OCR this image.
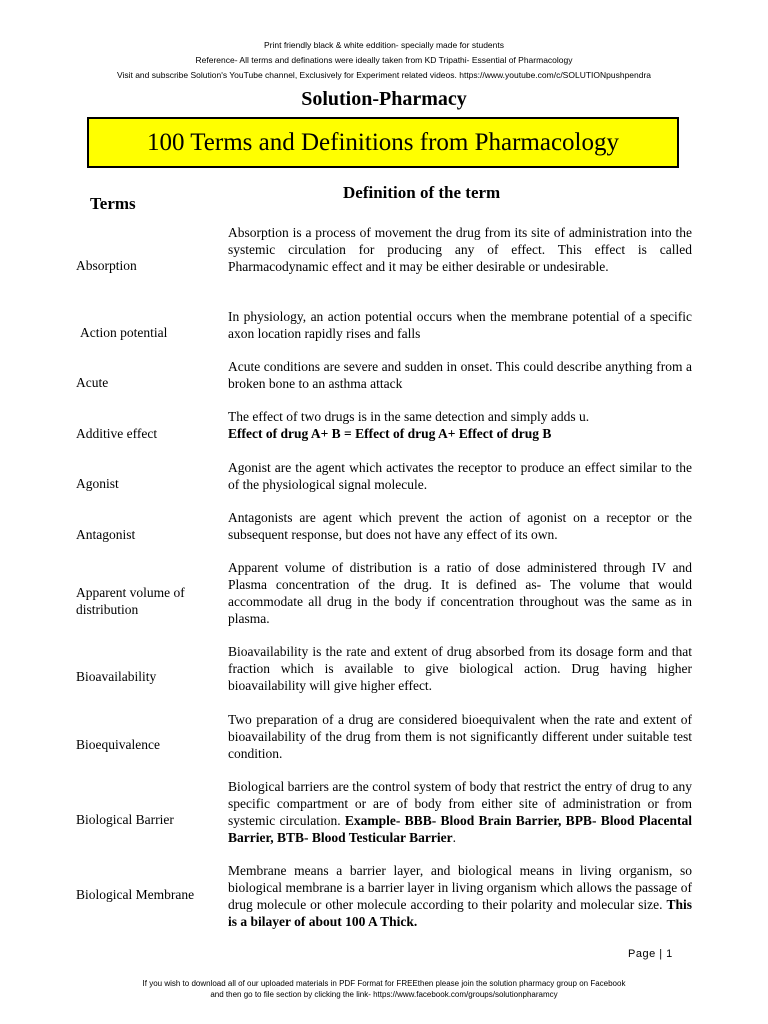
Print friendly black & white eddition- specially made for students
Reference- All terms and definations were ideally taken from KD Tripathi- Essential of Pharmacology
Visit and subscribe Solution's YouTube channel, Exclusively for Experiment related videos. https://www.youtube.com/c/SOLUTIONpushpendra
Solution-Pharmacy
100 Terms and Definitions from Pharmacology
Terms
Definition of the term
Absorption
Absorption is a process of movement the drug from its site of administration into the systemic circulation for producing any of effect. This effect is called Pharmacodynamic effect and it may be either desirable or undesirable.
Action potential
In physiology, an action potential occurs when the membrane potential of a specific axon location rapidly rises and falls
Acute
Acute conditions are severe and sudden in onset. This could describe anything from a broken bone to an asthma attack
Additive effect
The effect of two drugs is in the same detection and simply adds u.
Effect of drug A+ B = Effect of drug A+ Effect of drug B
Agonist
Agonist are the agent which activates the receptor to produce an effect similar to the of the physiological signal molecule.
Antagonist
Antagonists are agent which prevent the action of agonist on a receptor or the subsequent response, but does not have any effect of its own.
Apparent volume of distribution
Apparent volume of distribution is a ratio of dose administered through IV and Plasma concentration of the drug. It is defined as- The volume that would accommodate all drug in the body if concentration throughout was the same as in plasma.
Bioavailability
Bioavailability is the rate and extent of drug absorbed from its dosage form and that fraction which is available to give biological action. Drug having higher bioavailability will give higher effect.
Bioequivalence
Two preparation of a drug are considered bioequivalent when the rate and extent of bioavailability of the drug from them is not significantly different under suitable test condition.
Biological Barrier
Biological barriers are the control system of body that restrict the entry of drug to any specific compartment or are of body from either site of administration or from systemic circulation. Example- BBB- Blood Brain Barrier, BPB- Blood Placental Barrier, BTB- Blood Testicular Barrier.
Biological Membrane
Membrane means a barrier layer, and biological means in living organism, so biological membrane is a barrier layer in living organism which allows the passage of drug molecule or other molecule according to their polarity and molecular size. This is a bilayer of about 100 A Thick.
Page | 1
If you wish to download all of our uploaded materials in PDF Format for FREEthen please join the solution pharmacy group on Facebook
and then go to file section by clicking the link- https://www.facebook.com/groups/solutionpharamcy
